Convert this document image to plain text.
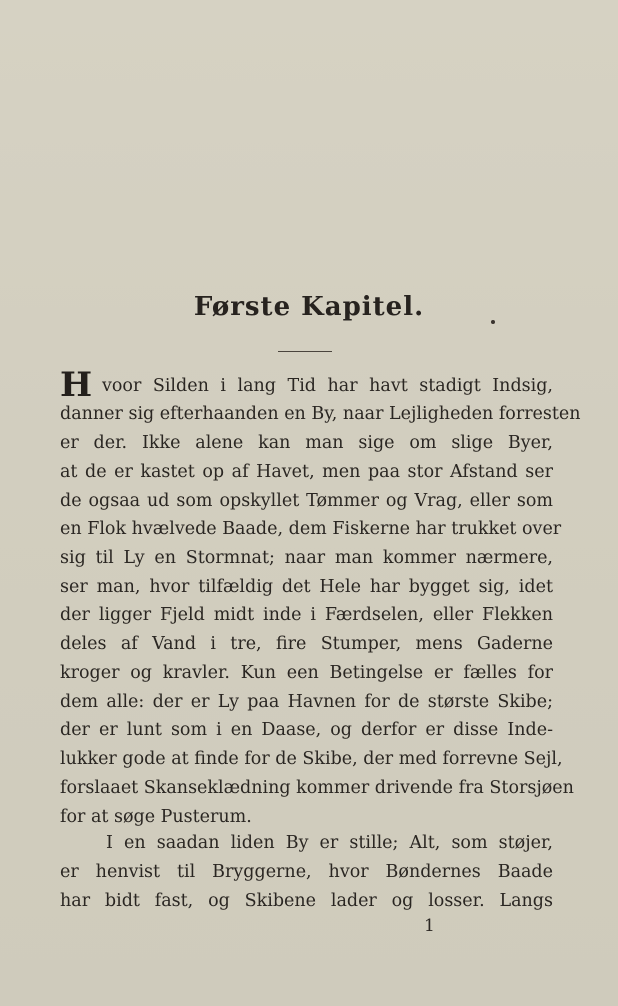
Første Kapitel.
H voor Silden i lang Tid har havt stadigt Indsig,
danner sig efterhaanden en By, naar Lejligheden forresten
er der. Ikke alene kan man sige om slige Byer,
at de er kastet op af Havet, men paa stor Afstand ser
de ogsaa ud som opskyllet Tømmer og Vrag, eller som
en Flok hvælvede Baade, dem Fiskerne har trukket over
sig til Ly en Stormnat; naar man kommer nærmere,
ser man, hvor tilfældig det Hele har bygget sig, idet
der ligger Fjeld midt inde i Færdselen, eller Flekken
deles af Vand i tre, fire Stumper, mens Gaderne
kroger og kravler. Kun een Betingelse er fælles for
dem alle: der er Ly paa Havnen for de største Skibe;
der er lunt som i en Daase, og derfor er disse Inde-
lukker gode at finde for de Skibe, der med forrevne Sejl,
forslaaet Skanseklædning kommer drivende fra Storsjøen
for at søge Pusterum.
I en saadan liden By er stille; Alt, som støjer,
er henvist til Bryggerne, hvor Bøndernes Baade
har bidt fast, og Skibene lader og losser. Langs
1
